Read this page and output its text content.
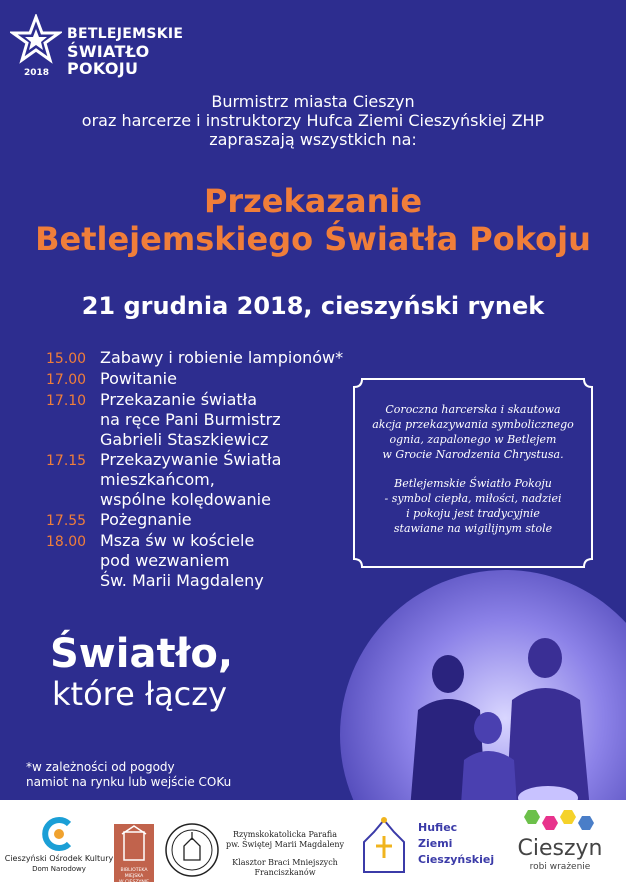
2018
BETLEJEMSKIE
ŚWIATŁO
POKOJU
Burmistrz miasta Cieszyn
oraz harcerze i instruktorzy Hufca Ziemi Cieszyńskiej ZHP
zapraszają wszystkich na:
Przekazanie
Betlejemskiego Światła Pokoju
21 grudnia 2018, cieszyński rynek
15.00 Zabawy i robienie lampionów*
17.00 Powitanie
17.10 Przekazanie światła
na ręce Pani Burmistrz
Gabrieli Staszkiewicz
17.15 Przekazywanie Światła
mieszkańcom,
wspólne kolędowanie
17.55 Pożegnanie
18.00 Msza św w kościele
pod wezwaniem
Św. Marii Magdaleny

Coroczna harcerska i skautowa
akcja przekazywania symbolicznego
ognia, zapalonego w Betlejem
w Grocie Narodzenia Chrystusa.

Betlejemskie Światło Pokoju
- symbol ciepła, miłości, nadziei
i pokoju jest tradycyjnie
stawiane na wigilijnym stole

Światło,
które łączy
*w zależności od pogody
namiot na rynku lub wejście COKu
Cieszyński Ośrodek Kultury
Dom Narodowy	BIBLIOTEKA MIEJSKA
W CIESZYNIE
Rzymskokatolicka Parafia
pw. Świętej Marii Magdaleny
Klasztor Braci Mniejszych
Franciszkanów
Hufiec
Ziemi
Cieszyńskiej	Cieszyn
robi wrażenie
